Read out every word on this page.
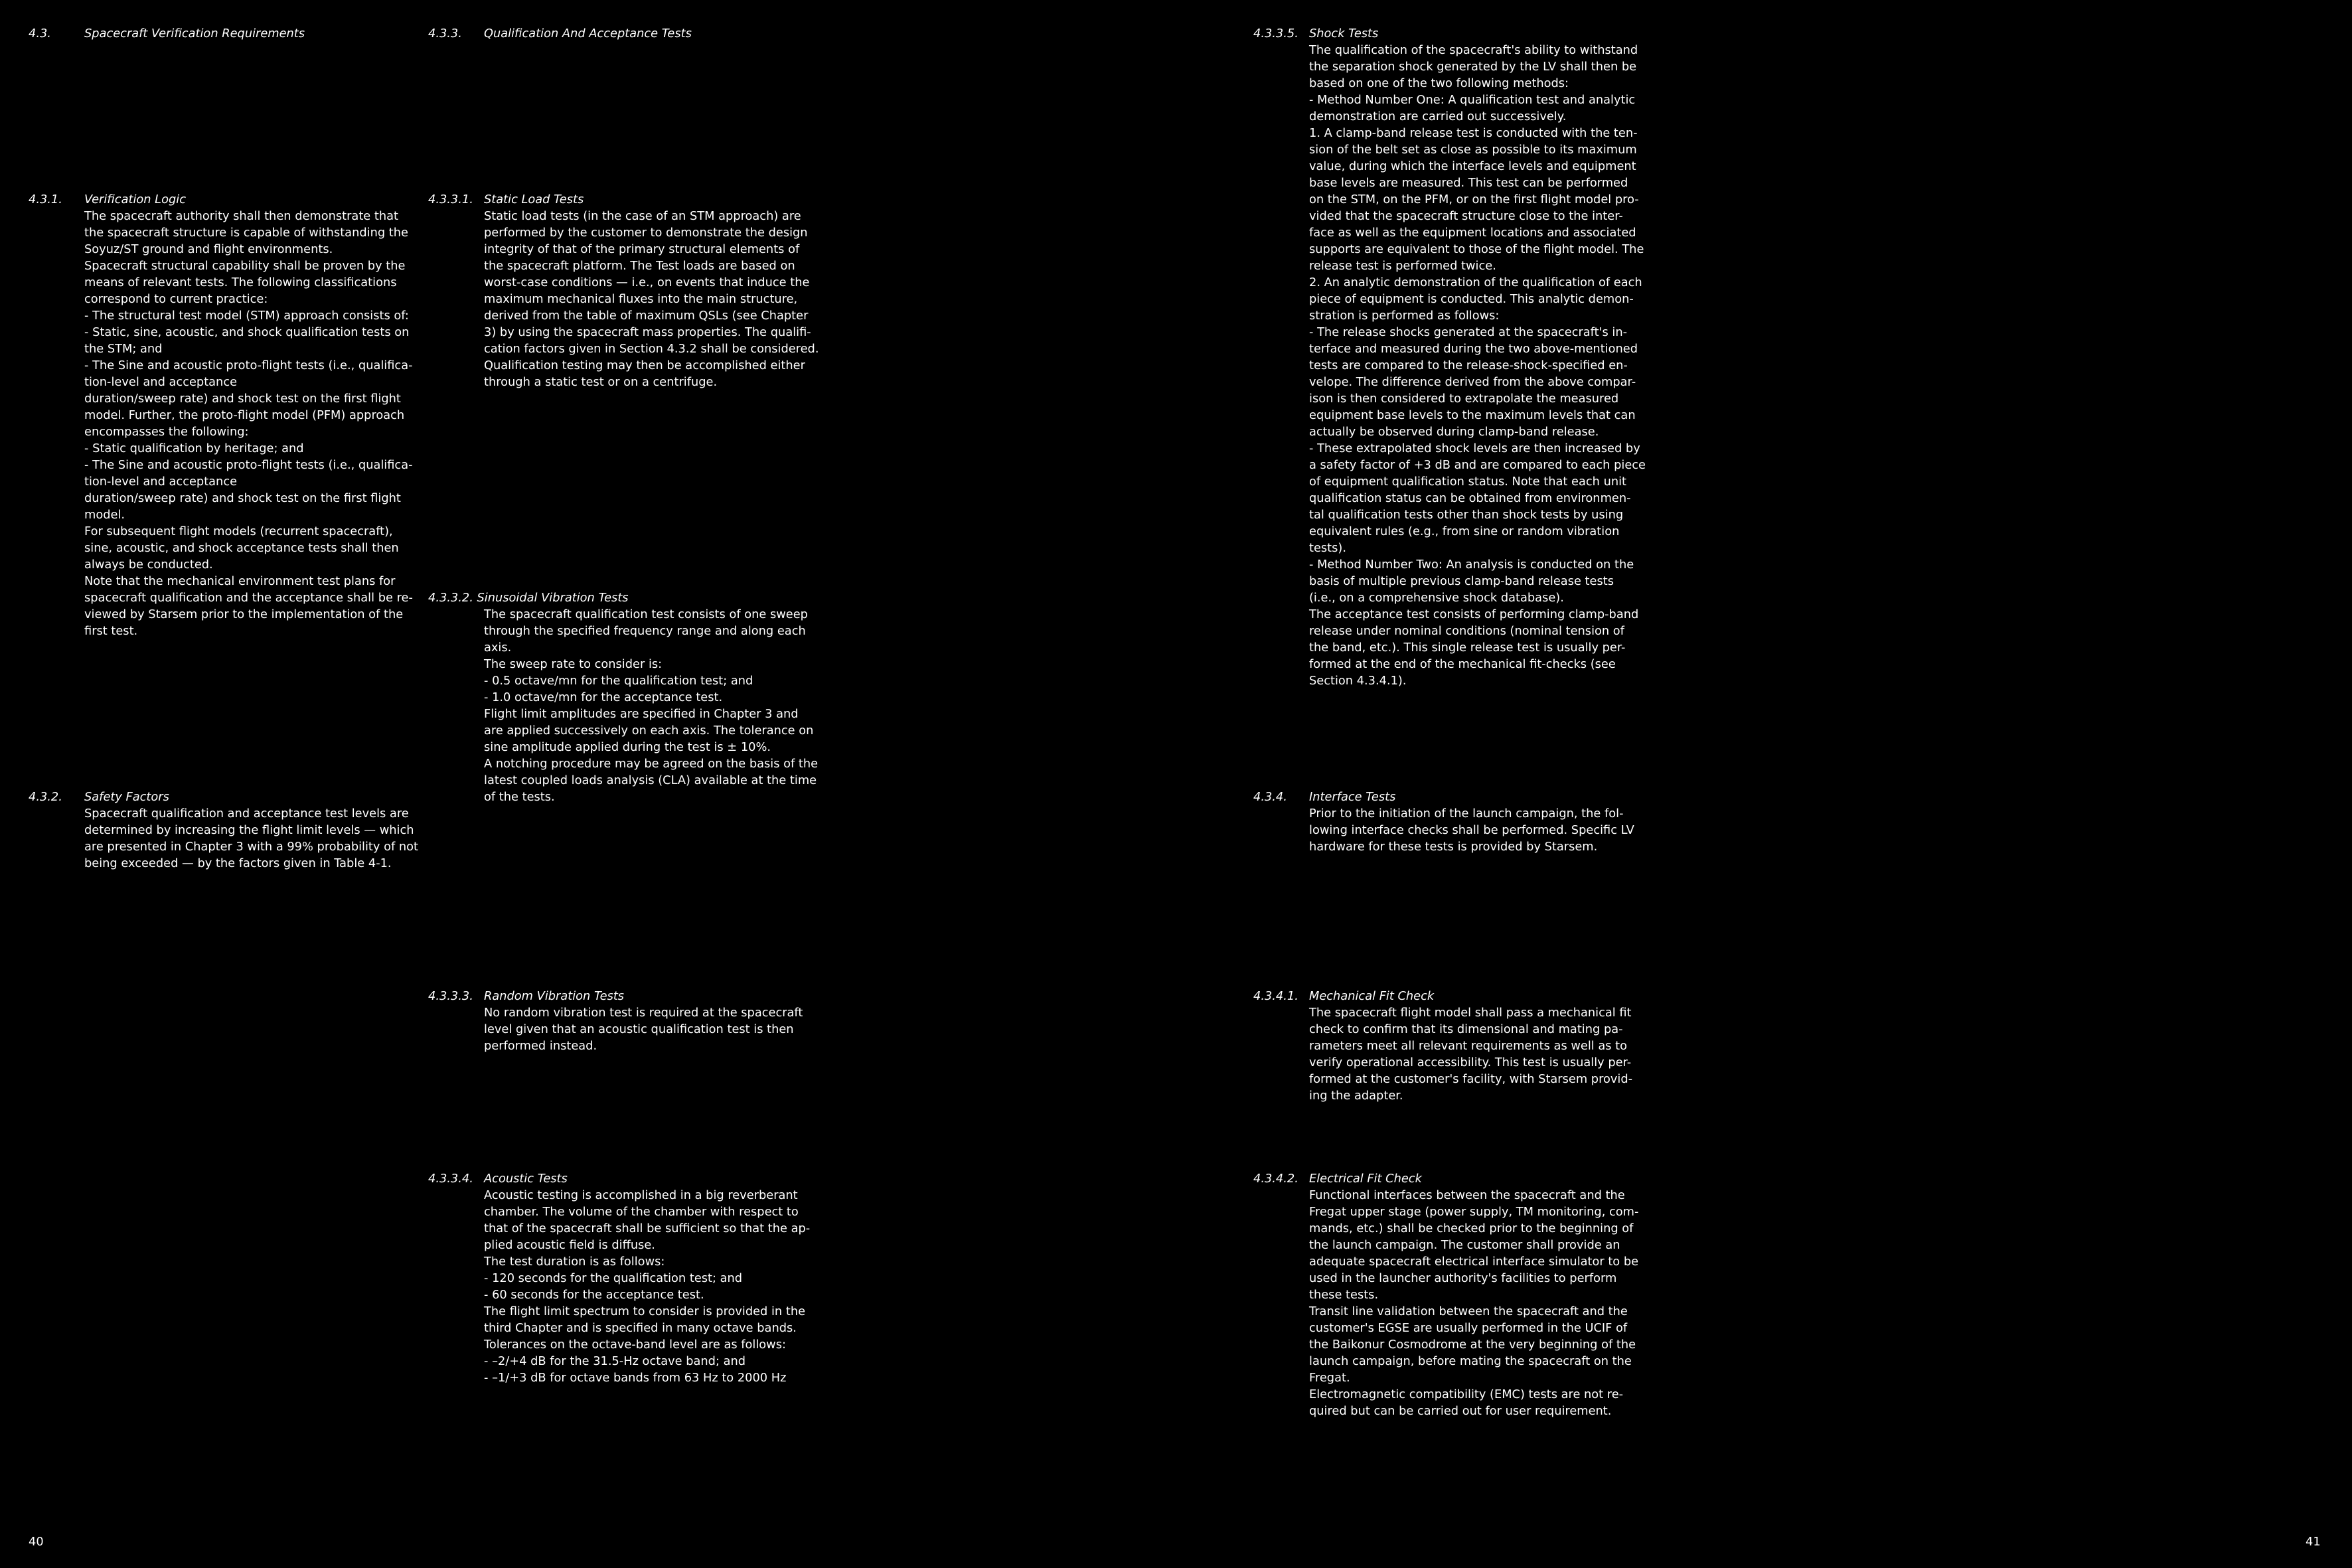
4.3.	Spacecraft Verification Requirements
4.3.1. Verification Logic

The spacecraft authority shall then demonstrate that

the spacecraft structure is capable of withstanding the

Soyuz/ST ground and flight environments.

Spacecraft structural capability shall be proven by the

means of relevant tests. The following classifications

correspond to current practice:

- The structural test model (STM) approach consists of:

- Static, sine, acoustic, and shock qualification tests on

the STM; and

- The Sine and acoustic proto-flight tests (i.e., qualifica-

tion-level and acceptance

duration/sweep rate) and shock test on the first flight

model. Further, the proto-flight model (PFM) approach

encompasses the following:

- Static qualification by heritage; and

- The Sine and acoustic proto-flight tests (i.e., qualifica-

tion-level and acceptance

duration/sweep rate) and shock test on the first flight

model.

For subsequent flight models (recurrent spacecraft),

sine, acoustic, and shock acceptance tests shall then

always be conducted.

Note that the mechanical environment test plans for

spacecraft qualification and the acceptance shall be re-

viewed by Starsem prior to the implementation of the

first test.

4.3.2. Safety Factors

Spacecraft qualification and acceptance test levels are

determined by increasing the flight limit levels — which

are presented in Chapter 3 with a 99% probability of not

being exceeded — by the factors given in Table 4-1.

4.3.3. Qualification And Acceptance Tests
4.3.3.1. Static Load Tests

Static load tests (in the case of an STM approach) are

performed by the customer to demonstrate the design

integrity of that of the primary structural elements of

the spacecraft platform. The Test loads are based on

worst-case conditions — i.e., on events that induce the

maximum mechanical fluxes into the main structure,

derived from the table of maximum QSLs (see Chapter

3) by using the spacecraft mass properties. The qualifi-

cation factors given in Section 4.3.2 shall be considered.

Qualification testing may then be accomplished either

through a static test or on a centrifuge.

4.3.3.2. Sinusoidal Vibration Tests

The spacecraft qualification test consists of one sweep

through the specified frequency range and along each

axis.

The sweep rate to consider is:

- 0.5 octave/mn for the qualification test; and

- 1.0 octave/mn for the acceptance test.

Flight limit amplitudes are specified in Chapter 3 and

are applied successively on each axis. The tolerance on

sine amplitude applied during the test is ± 10%.

A notching procedure may be agreed on the basis of the

latest coupled loads analysis (CLA) available at the time

of the tests.

4.3.3.3. Random Vibration Tests

No random vibration test is required at the spacecraft

level given that an acoustic qualification test is then

performed instead.

4.3.3.4. Acoustic Tests

Acoustic testing is accomplished in a big reverberant

chamber. The volume of the chamber with respect to

that of the spacecraft shall be sufficient so that the ap-

plied acoustic field is diffuse.

The test duration is as follows:

- 120 seconds for the qualification test; and

- 60 seconds for the acceptance test.

The flight limit spectrum to consider is provided in the

third Chapter and is specified in many octave bands.

Tolerances on the octave-band level are as follows:

- –2/+4 dB for the 31.5-Hz octave band; and

- –1/+3 dB for octave bands from 63 Hz to 2000 Hz

4.3.3.5. Shock Tests

The qualification of the spacecraft's ability to withstand

the separation shock generated by the LV shall then be

based on one of the two following methods:

- Method Number One: A qualification test and analytic

demonstration are carried out successively.

1. A clamp-band release test is conducted with the ten-

sion of the belt set as close as possible to its maximum

value, during which the interface levels and equipment

base levels are measured. This test can be performed

on the STM, on the PFM, or on the first flight model pro-

vided that the spacecraft structure close to the inter-

face as well as the equipment locations and associated

supports are equivalent to those of the flight model. The

release test is performed twice.

2. An analytic demonstration of the qualification of each

piece of equipment is conducted. This analytic demon-

stration is performed as follows:

- The release shocks generated at the spacecraft's in-

terface and measured during the two above-mentioned

tests are compared to the release-shock-specified en-

velope. The difference derived from the above compar-

ison is then considered to extrapolate the measured

equipment base levels to the maximum levels that can

actually be observed during clamp-band release.

- These extrapolated shock levels are then increased by

a safety factor of +3 dB and are compared to each piece

of equipment qualification status. Note that each unit

qualification status can be obtained from environmen-

tal qualification tests other than shock tests by using

equivalent rules (e.g., from sine or random vibration

tests).

- Method Number Two: An analysis is conducted on the

basis of multiple previous clamp-band release tests

(i.e., on a comprehensive shock database).

The acceptance test consists of performing clamp-band

release under nominal conditions (nominal tension of

the band, etc.). This single release test is usually per-

formed at the end of the mechanical fit-checks (see

Section 4.3.4.1).

4.3.4. Interface Tests

Prior to the initiation of the launch campaign, the fol-

lowing interface checks shall be performed. Specific LV

hardware for these tests is provided by Starsem.

4.3.4.1. Mechanical Fit Check

The spacecraft flight model shall pass a mechanical fit

check to confirm that its dimensional and mating pa-

rameters meet all relevant requirements as well as to

verify operational accessibility. This test is usually per-

formed at the customer's facility, with Starsem provid-

ing the adapter.

4.3.4.2. Electrical Fit Check

Functional interfaces between the spacecraft and the

Fregat upper stage (power supply, TM monitoring, com-

mands, etc.) shall be checked prior to the beginning of

the launch campaign. The customer shall provide an

adequate spacecraft electrical interface simulator to be

used in the launcher authority's facilities to perform

these tests.

Transit line validation between the spacecraft and the

customer's EGSE are usually performed in the UCIF of

the Baikonur Cosmodrome at the very beginning of the

launch campaign, before mating the spacecraft on the

Fregat.

Electromagnetic compatibility (EMC) tests are not re-

quired but can be carried out for user requirement.

40	41
